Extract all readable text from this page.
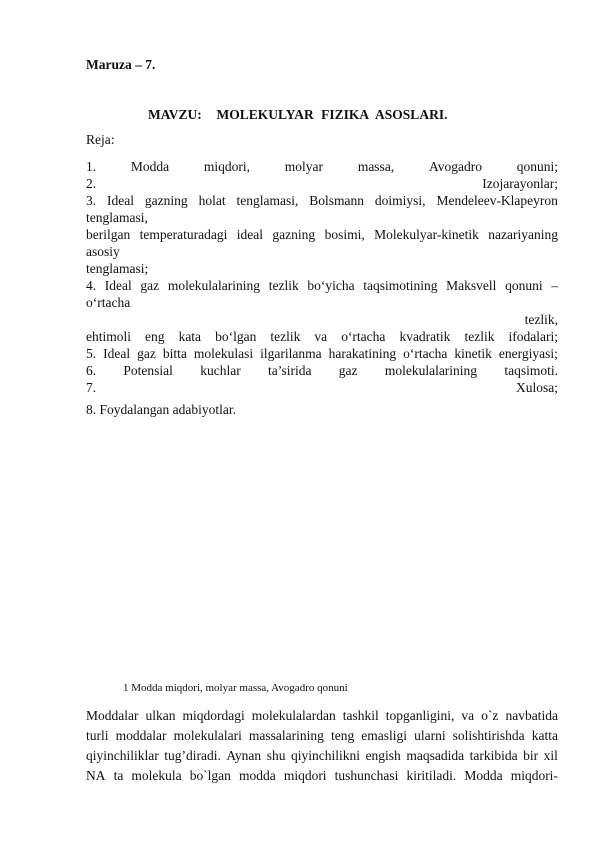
Maruza – 7.
MAVZU: MOLEKULYAR FIZIKA ASOSLARI.
Reja:
1.	Modda	miqdori,	molyar	massa,	Avogadro	qonuni;
2.	Izojarayonlar;
3. Ideal gazning holat tenglamasi, Bolsmann doimiysi, Mendeleev-Klapeyron
tenglamasi,
berilgan temperaturadagi ideal gazning bosimi, Molekulyar-kinetik nazariyaning
asosiy
tenglamasi;
4. Ideal gaz molekulalarining tezlik bo‘yicha taqsimotining Maksvell qonuni –
o‘rtacha
tezlik,
ehtimoli eng kata bo‘lgan tezlik va o‘rtacha kvadratik tezlik ifodalari;
5. Ideal gaz bitta molekulasi ilgarilanma harakatining o‘rtacha kinetik energiyasi;
6. Potensial kuchlar ta’sirida gaz molekulalarining taqsimoti.
7.	Xulosa;
8. Foydalangan adabiyotlar.
1 Modda miqdori, molyar massa, Avogadro qonuni
Moddalar ulkan miqdordagi molekulalardan tashkil topganligini, va o`z navbatida
turli moddalar molekulalari massalarining teng emasligi ularni solishtirishda katta
qiyinchiliklar tug’diradi. Aynan shu qiyinchilikni engish maqsadida tarkibida bir xil
NA ta molekula bo`lgan modda miqdori tushunchasi kiritiladi. Modda miqdori-
